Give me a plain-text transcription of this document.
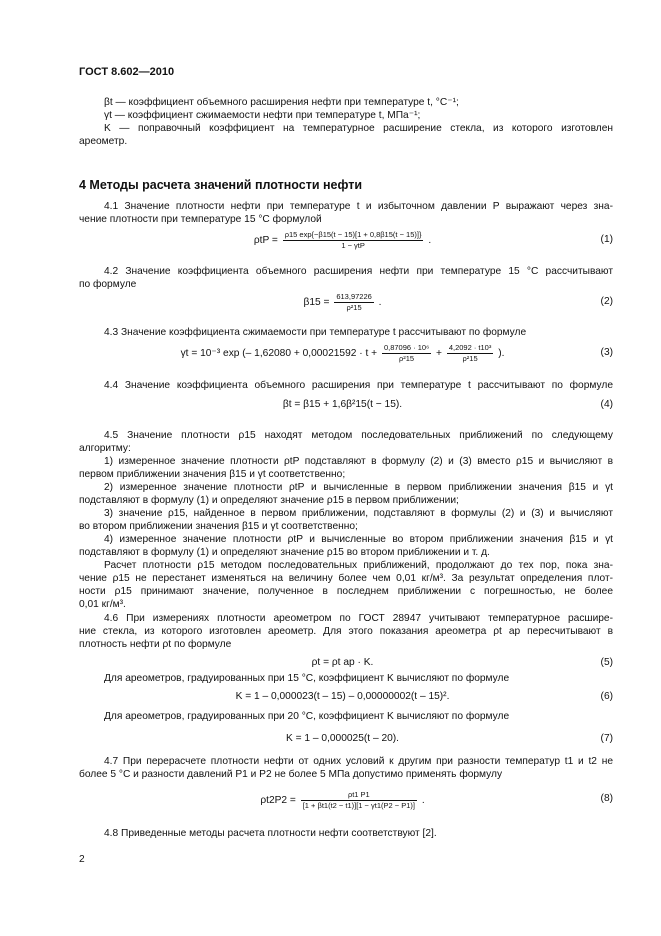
ГОСТ 8.602—2010
βt — коэффициент объемного расширения нефти при температуре t, °C⁻¹;
γt — коэффициент сжимаемости нефти при температуре t, МПа⁻¹;
K — поправочный коэффициент на температурное расширение стекла, из которого изготовлен
ареометр.
4 Методы расчета значений плотности нефти
4.1 Значение плотности нефти при температуре t и избыточном давлении P выражают через зна-
чение плотности при температуре 15 °C формулой
ρtP =
ρ15 exp{−β15(t − 15)[1 + 0,8β15(t − 15)]}
1 − γtP	.	(1)
4.2 Значение коэффициента объемного расширения нефти при температуре 15 °C рассчитывают
по формуле
$\beta 15 = \frac{613,97226}{\text{ρ²15}}$ .	(2)
4.3 Значение коэффициента сжимаемости при температуре t рассчитывают по формуле
γt = 10⁻³ exp (– $1,62080 + 0,00021592 \cdot t + \frac{\text{0,87096 · 10⁶}}{\text{ρ²15}} + \frac{\text{4,2092 · t10³}}{\text{ρ²15}}$ ).	(3)
4.4 Значение коэффициента объемного расширения при температуре t рассчитывают по формуле
βt = β15 + 1,6β²15(t − 15).	(4)
4.5 Значение плотности ρ15 находят методом последовательных приближений по следующему
алгоритму:
1) измеренное значение плотности ρtP подставляют в формулу (2) и (3) вместо ρ15 и вычисляют в
первом приближении значения β15 и γt соответственно;
2) измеренное значение плотности ρtP и вычисленные в первом приближении значения β15 и γt
подставляют в формулу (1) и определяют значение ρ15 в первом приближении;
3) значение ρ15, найденное в первом приближении, подставляют в формулы (2) и (3) и вычисляют
во втором приближении значения β15 и γt соответственно;
4) измеренное значение плотности ρtP и вычисленные во втором приближении значения β15 и γt
подставляют в формулу (1) и определяют значение ρ15 во втором приближении и т. д.
Расчет плотности ρ15 методом последовательных приближений, продолжают до тех пор, пока зна-
чение ρ15 не перестанет изменяться на величину более чем 0,01 кг/м³. За результат определения плот-
ности ρ15 принимают значение, полученное в последнем приближении с погрешностью, не более
0,01 кг/м³.
4.6 При измерениях плотности ареометром по ГОСТ 28947 учитывают температурное расшире-
ние стекла, из которого изготовлен ареометр. Для этого показания ареометра ρt ар пересчитывают в
плотность нефти ρt по формуле
ρt = ρt ар · K.	(5)
Для ареометров, градуированных при 15 °C, коэффициент K вычисляют по формуле
K = 1 – 0,000023(t – 15) – 0,00000002(t – 15)².	(6)
Для ареометров, градуированных при 20 °C, коэффициент K вычисляют по формуле
K = 1 – 0,000025(t – 20).	(7)
4.7 При перерасчете плотности нефти от одних условий к другим при разности температур t1 и t2 не
более 5 °C и разности давлений P1 и P2 не более 5 МПа допустимо применять формулу
$\rho t2P2 = \frac{\rho t1 P1}{[1 + \beta t1(t2 - t1)][1 - \gamma t1(P2 - P1)]}$ .	(8)
4.8 Приведенные методы расчета плотности нефти соответствуют [2].
2
